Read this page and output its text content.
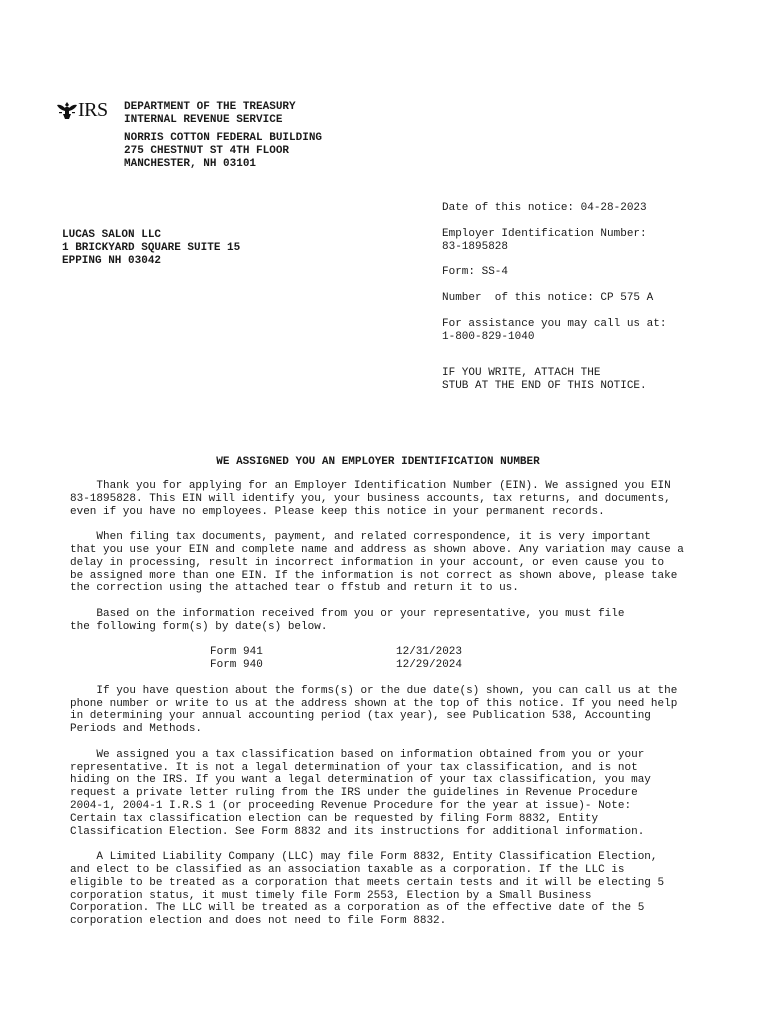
IRS DEPARTMENT OF THE TREASURY
INTERNAL REVENUE SERVICE
NORRIS COTTON FEDERAL BUILDING
275 CHESTNUT ST 4TH FLOOR
MANCHESTER, NH 03101
LUCAS SALON LLC
1 BRICKYARD SQUARE SUITE 15
EPPING NH 03042
Date of this notice: 04-28-2023
Employer Identification Number:
83-1895828
Form: SS-4
Number  of this notice: CP 575 A
For assistance you may call us at:
1-800-829-1040
IF YOU WRITE, ATTACH THE
STUB AT THE END OF THIS NOTICE.
WE ASSIGNED YOU AN EMPLOYER IDENTIFICATION NUMBER

Thank you for applying for an Employer Identification Number (EIN). We assigned you EIN
83-1895828. This EIN will identify you, your business accounts, tax returns, and documents,
even if you have no employees. Please keep this notice in your permanent records.

When filing tax documents, payment, and related correspondence, it is very important
that you use your EIN and complete name and address as shown above. Any variation may cause a
delay in processing, result in incorrect information in your account, or even cause you to
be assigned more than one EIN. If the information is not correct as shown above, please take
the correction using the attached tear o ffstub and return it to us.

Based on the information received from you or your representative, you must file
the following form(s) by date(s) below.

Form 941	12/31/2023
Form 940	12/29/2024

If you have question about the forms(s) or the due date(s) shown, you can call us at the
phone number or write to us at the address shown at the top of this notice. If you need help
in determining your annual accounting period (tax year), see Publication 538, Accounting
Periods and Methods.

We assigned you a tax classification based on information obtained from you or your
representative. It is not a legal determination of your tax classification, and is not
hiding on the IRS. If you want a legal determination of your tax classification, you may
request a private letter ruling from the IRS under the guidelines in Revenue Procedure
2004-1, 2004-1 I.R.S 1 (or proceeding Revenue Procedure for the year at issue)- Note:
Certain tax classification election can be requested by filing Form 8832, Entity
Classification Election. See Form 8832 and its instructions for additional information.

A Limited Liability Company (LLC) may file Form 8832, Entity Classification Election,
and elect to be classified as an association taxable as a corporation. If the LLC is
eligible to be treated as a corporation that meets certain tests and it will be electing 5
corporation status, it must timely file Form 2553, Election by a Small Business
Corporation. The LLC will be treated as a corporation as of the effective date of the 5
corporation election and does not need to file Form 8832.
